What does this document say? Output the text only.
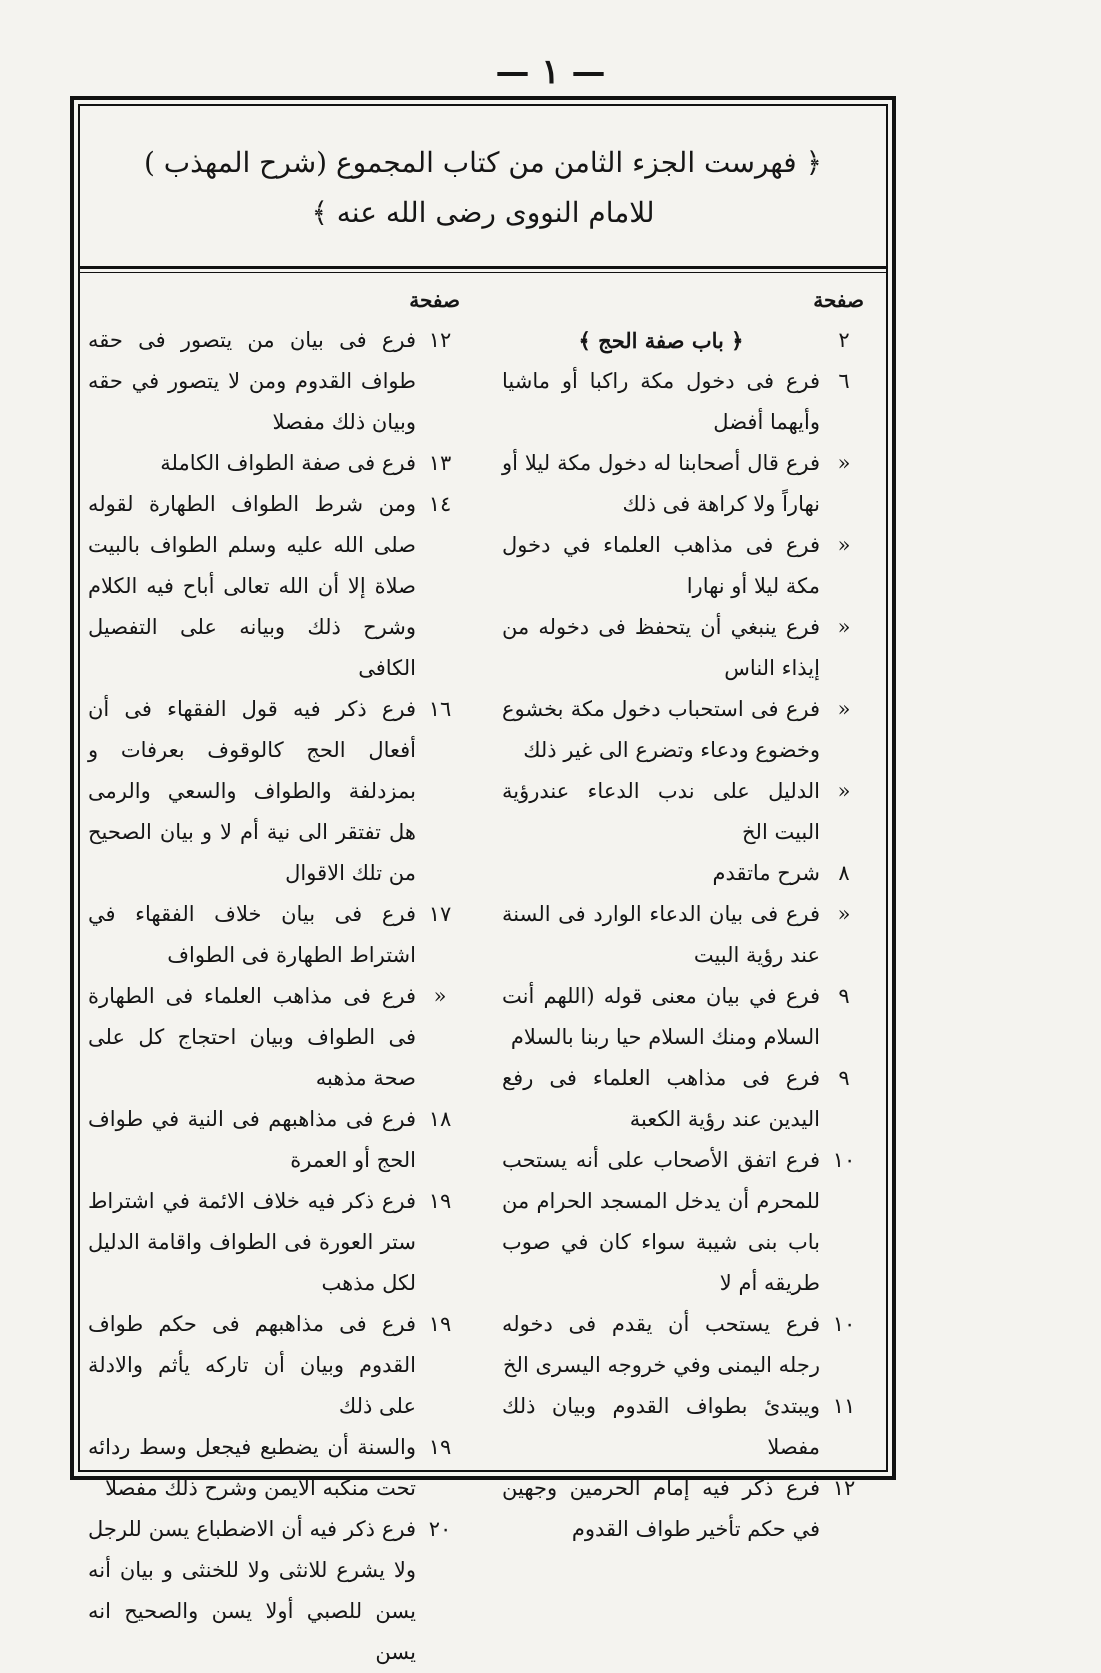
— ١ —
﴿ فهرست الجزء الثامن من كتاب المجموع (شرح المهذب )
للامام النووى رضى الله عنه ﴾
صفحة
٢
﴿ باب صفة الحج ﴾
٦
فرع فى دخول مكة راكبا أو ماشيا وأيهما أفضل
«
فرع قال أصحابنا له دخول مكة ليلا أو نهاراً ولا كراهة فى ذلك
«
فرع فى مذاهب العلماء في دخول مكة ليلا أو نهارا
«
فرع ينبغي أن يتحفظ فى دخوله من إيذاء الناس
«
فرع فى استحباب دخول مكة بخشوع وخضوع ودعاء وتضرع الى غير ذلك
«
الدليل على ندب الدعاء عندرؤية البيت الخ
٨
شرح ماتقدم
«
فرع فى بيان الدعاء الوارد فى السنة عند رؤية البيت
٩
فرع في بيان معنى قوله (اللهم أنت السلام ومنك السلام حيا ربنا بالسلام
٩
فرع فى مذاهب العلماء فى رفع اليدين عند رؤية الكعبة
١٠
فرع اتفق الأصحاب على أنه يستحب للمحرم أن يدخل المسجد الحرام من باب بنى شيبة سواء كان في صوب طريقه أم لا
١٠
فرع يستحب أن يقدم فى دخوله رجله اليمنى وفي خروجه اليسرى الخ
١١
ويبتدئ بطواف القدوم وبيان ذلك مفصلا
١٢
فرع ذكر فيه إمام الحرمين وجهين في حكم تأخير طواف القدوم
صفحة
١٢
فرع فى بيان من يتصور فى حقه طواف القدوم ومن لا يتصور في حقه وبيان ذلك مفصلا
١٣
فرع فى صفة الطواف الكاملة
١٤
ومن شرط الطواف الطهارة لقوله صلى الله عليه وسلم الطواف بالبيت صلاة إلا أن الله تعالى أباح فيه الكلام وشرح ذلك وبيانه على التفصيل الكافى
١٦
فرع ذكر فيه قول الفقهاء فى أن أفعال الحج كالوقوف بعرفات و بمزدلفة والطواف والسعي والرمى هل تفتقر الى نية أم لا و بيان الصحيح من تلك الاقوال
١٧
فرع فى بيان خلاف الفقهاء في اشتراط الطهارة فى الطواف
«
فرع فى مذاهب العلماء فى الطهارة فى الطواف وبيان احتجاج كل على صحة مذهبه
١٨
فرع فى مذاهبهم فى النية في طواف الحج أو العمرة
١٩
فرع ذكر فيه خلاف الائمة في اشتراط ستر العورة فى الطواف واقامة الدليل لكل مذهب
١٩
فرع فى مذاهبهم فى حكم طواف القدوم وبيان أن تاركه يأثم والادلة على ذلك
١٩
والسنة أن يضطبع فيجعل وسط ردائه تحت منكبه الايمن وشرح ذلك مفصلا
٢٠
فرع ذكر فيه أن الاضطباع يسن للرجل ولا يشرع للانثى ولا للخنثى و بيان أنه يسن للصبي أولا يسن والصحيح انه يسن
